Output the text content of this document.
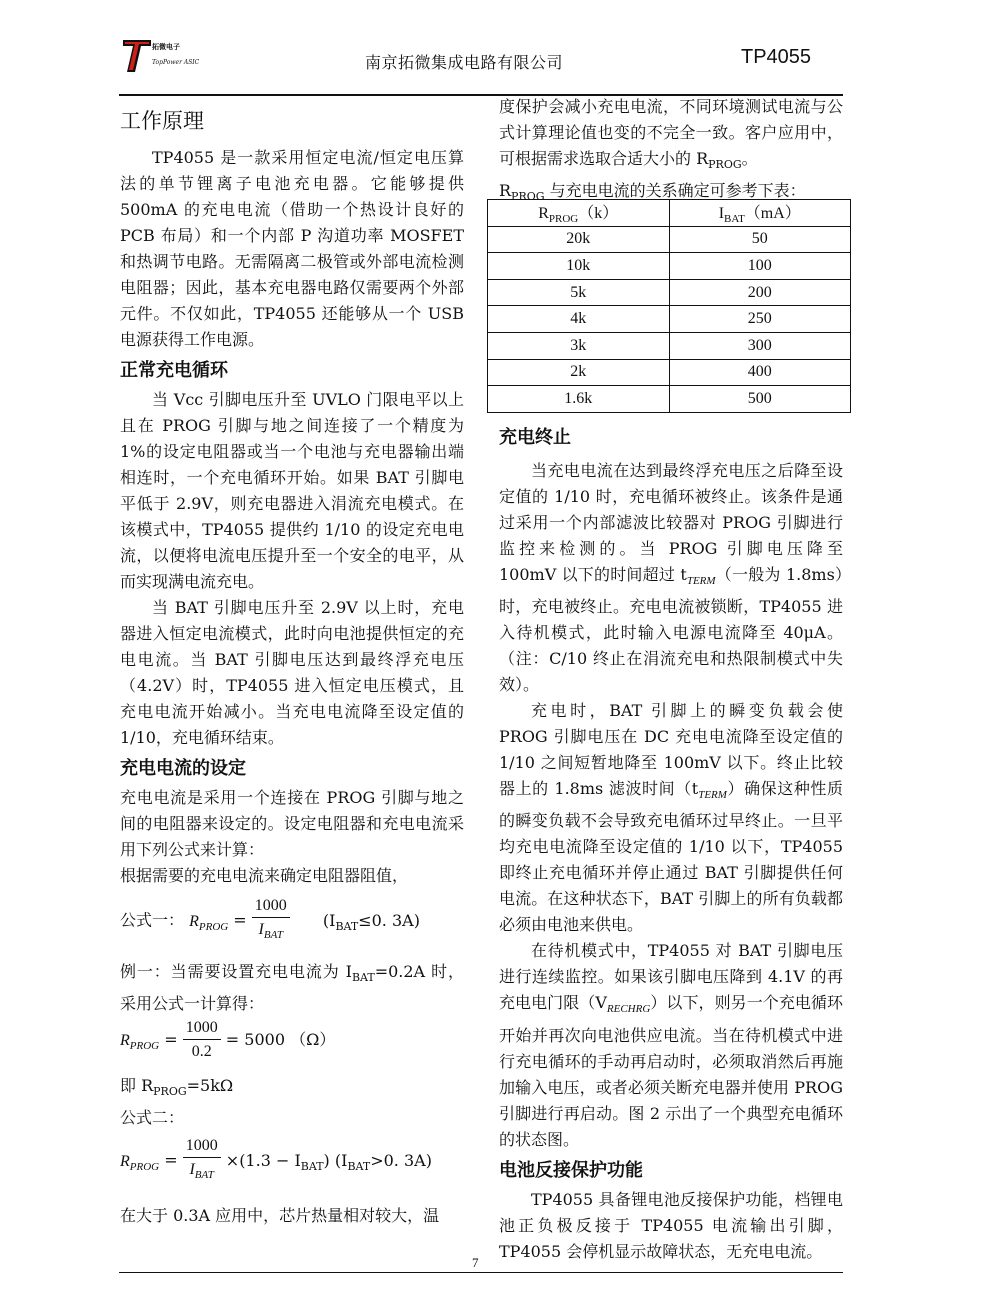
拓微电子
TopPower ASIC	南京拓微集成电路有限公司	TP4055
工作原理

TP4055 是一款采用恒定电流/恒定电压算法的单节锂离子电池充电器。它能够提供 500mA 的充电电流（借助一个热设计良好的 PCB 布局）和一个内部 P 沟道功率 MOSFET 和热调节电路。无需隔离二极管或外部电流检测电阻器；因此，基本充电器电路仅需要两个外部元件。不仅如此，TP4055 还能够从一个 USB 电源获得工作电源。

正常充电循环

当 Vcc 引脚电压升至 UVLO 门限电平以上且在 PROG 引脚与地之间连接了一个精度为 1%的设定电阻器或当一个电池与充电器输出端相连时，一个充电循环开始。如果 BAT 引脚电平低于 2.9V，则充电器进入涓流充电模式。在该模式中，TP4055 提供约 1/10 的设定充电电流，以便将电流电压提升至一个安全的电平，从而实现满电流充电。

当 BAT 引脚电压升至 2.9V 以上时，充电器进入恒定电流模式，此时向电池提供恒定的充电电流。当 BAT 引脚电压达到最终浮充电压（4.2V）时，TP4055 进入恒定电压模式，且充电电流开始减小。当充电电流降至设定值的 1/10，充电循环结束。

充电电流的设定

充电电流是采用一个连接在 PROG 引脚与地之间的电阻器来设定的。设定电阻器和充电电流采用下列公式来计算：

根据需要的充电电流来确定电阻器阻值，

公式一： $R_{PROG} = \frac{1000}{I_{BAT}} (I_{BAT}\le 0$. 3A)

例一：当需要设置充电电流为 $I_{BAT}=0.2A$ 时，采用公式一计算得：

$R_{PROG} = \frac{1000}{0.2} = 5000$ （Ω）

即 $R_{PROG}=5k\Omega$

公式二：

$R_{PROG} = \frac{1000}{I_{BAT}} \times(1.3 - I_{BAT})$ ($I_{BAT}>0$. 3A)

在大于 0.3A 应用中，芯片热量相对较大，温

度保护会减小充电电流，不同环境测试电流与公式计算理论值也变的不完全一致。客户应用中，可根据需求选取合适大小的 $R_{PROG}$。

$R_{PROG}$ 与充电电流的关系确定可参考下表：

$R_{PROG}(k)$	$I_{BAT}(mA)$
20k	50
10k	100
5k	200
4k	250
3k	300
2k	400
1.6k	500
充电终止

当充电电流在达到最终浮充电压之后降至设定值的 1/10 时，充电循环被终止。该条件是通过采用一个内部滤波比较器对 PROG 引脚进行监控来检测的。当 PROG 引脚电压降至 100mV 以下的时间超过 $t_{TERM}$（一般为 1.8ms）时，充电被终止。充电电流被锁断，TP4055 进入待机模式，此时输入电源电流降至 40μA。（注：C/10 终止在涓流充电和热限制模式中失效）。

充电时，BAT 引脚上的瞬变负载会使 PROG 引脚电压在 DC 充电电流降至设定值的 1/10 之间短暂地降至 100mV 以下。终止比较器上的 1.8ms 滤波时间$(t_{TERM})$确保这种性质的瞬变负载不会导致充电循环过早终止。一旦平均充电电流降至设定值的 1/10 以下，TP4055 即终止充电循环并停止通过 BAT 引脚提供任何电流。在这种状态下，BAT 引脚上的所有负载都必须由电池来供电。

在待机模式中，TP4055 对 BAT 引脚电压进行连续监控。如果该引脚电压降到 4.1V 的再充电电门限$(V_{RECHRG})$以下，则另一个充电循环开始并再次向电池供应电流。当在待机模式中进行充电循环的手动再启动时，必须取消然后再施加输入电压，或者必须关断充电器并使用 PROG 引脚进行再启动。图 2 示出了一个典型充电循环的状态图。

电池反接保护功能

TP4055 具备锂电池反接保护功能，档锂电池正负极反接于 TP4055 电流输出引脚，TP4055 会停机显示故障状态，无充电电流。

7
